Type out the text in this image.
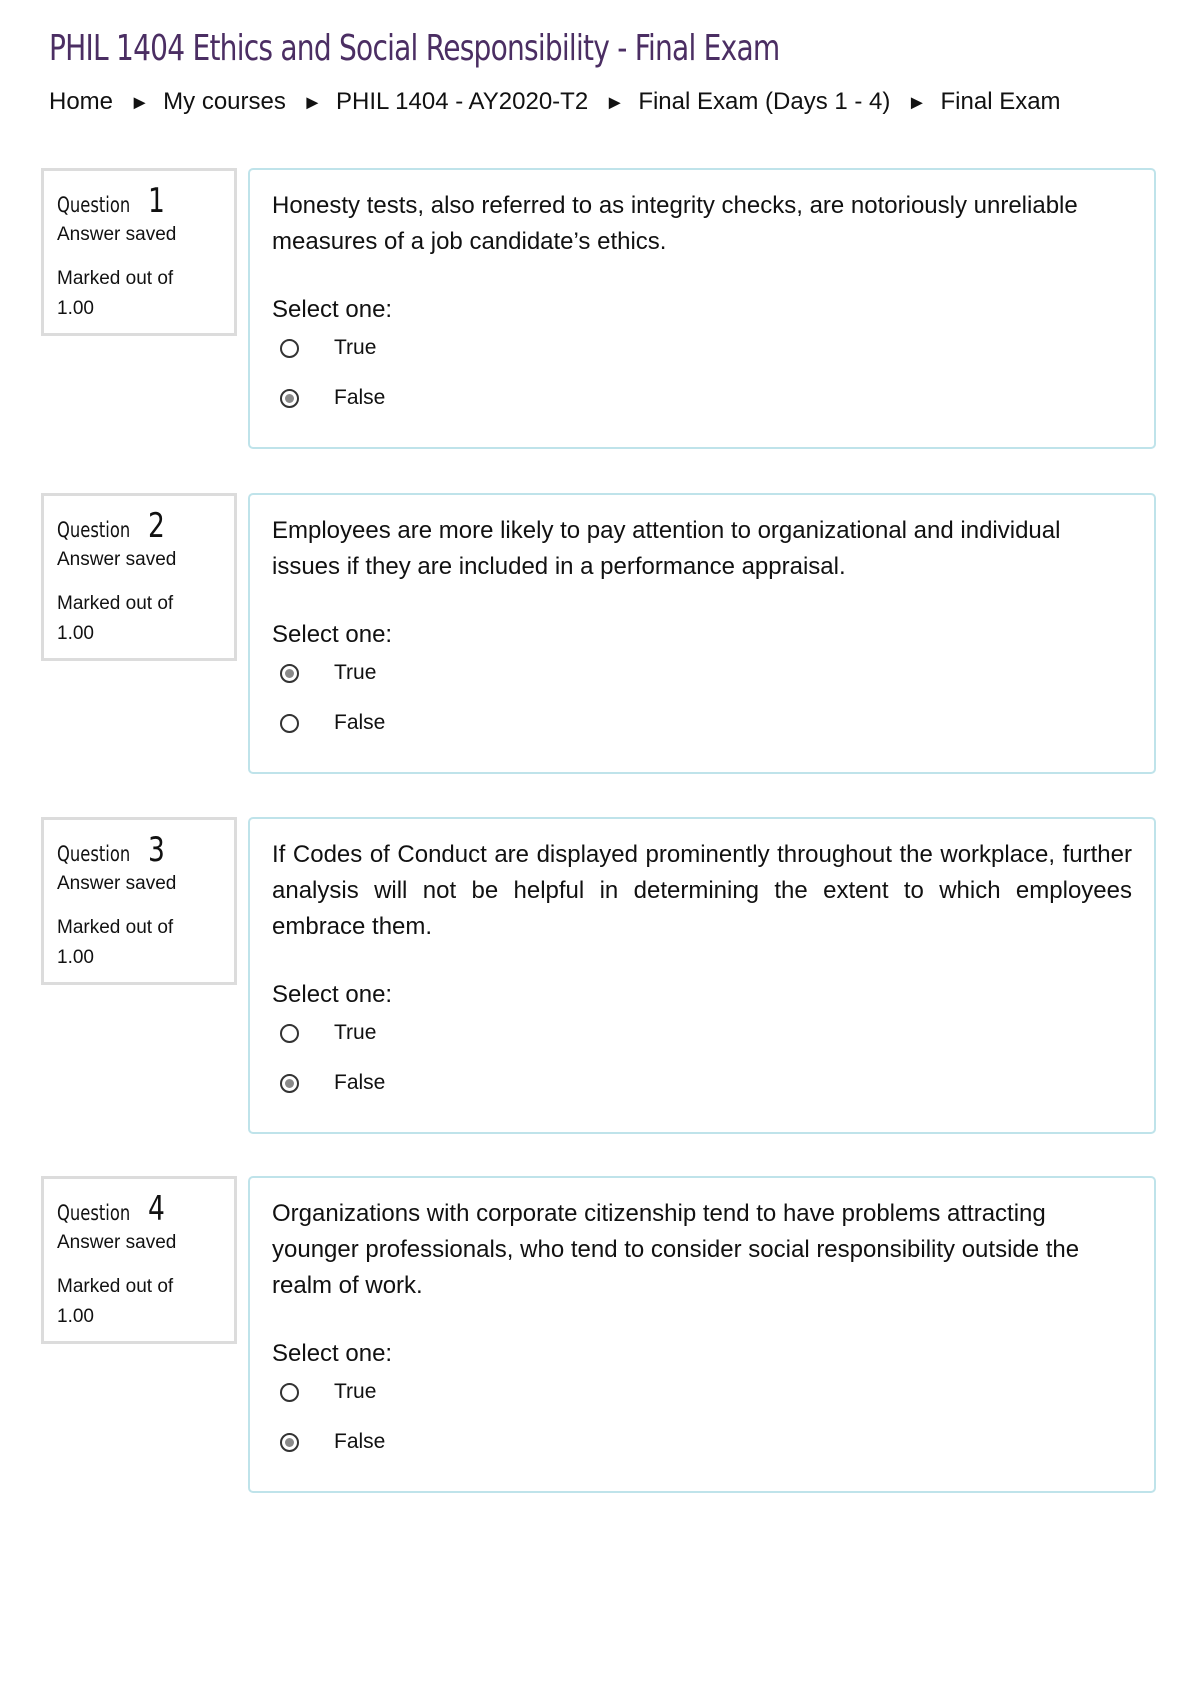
PHIL 1404 Ethics and Social Responsibility - Final Exam
Home ► My courses ► PHIL 1404 - AY2020-T2 ► Final Exam (Days 1 - 4) ► Final Exam
Question 1
Answer saved
Marked out of 1.00

Honesty tests, also referred to as integrity checks, are notoriously unreliable measures of a job candidate’s ethics.

Select one:
True
False
Question 2
Answer saved
Marked out of 1.00

Employees are more likely to pay attention to organizational and individual issues if they are included in a performance appraisal.

Select one:
True
False
Question 3
Answer saved
Marked out of 1.00

If Codes of Conduct are displayed prominently throughout the workplace, further analysis will not be helpful in determining the extent to which employees embrace them.

Select one:
True
False
Question 4
Answer saved
Marked out of 1.00

Organizations with corporate citizenship tend to have problems attracting younger professionals, who tend to consider social responsibility outside the realm of work.

Select one:
True
False
